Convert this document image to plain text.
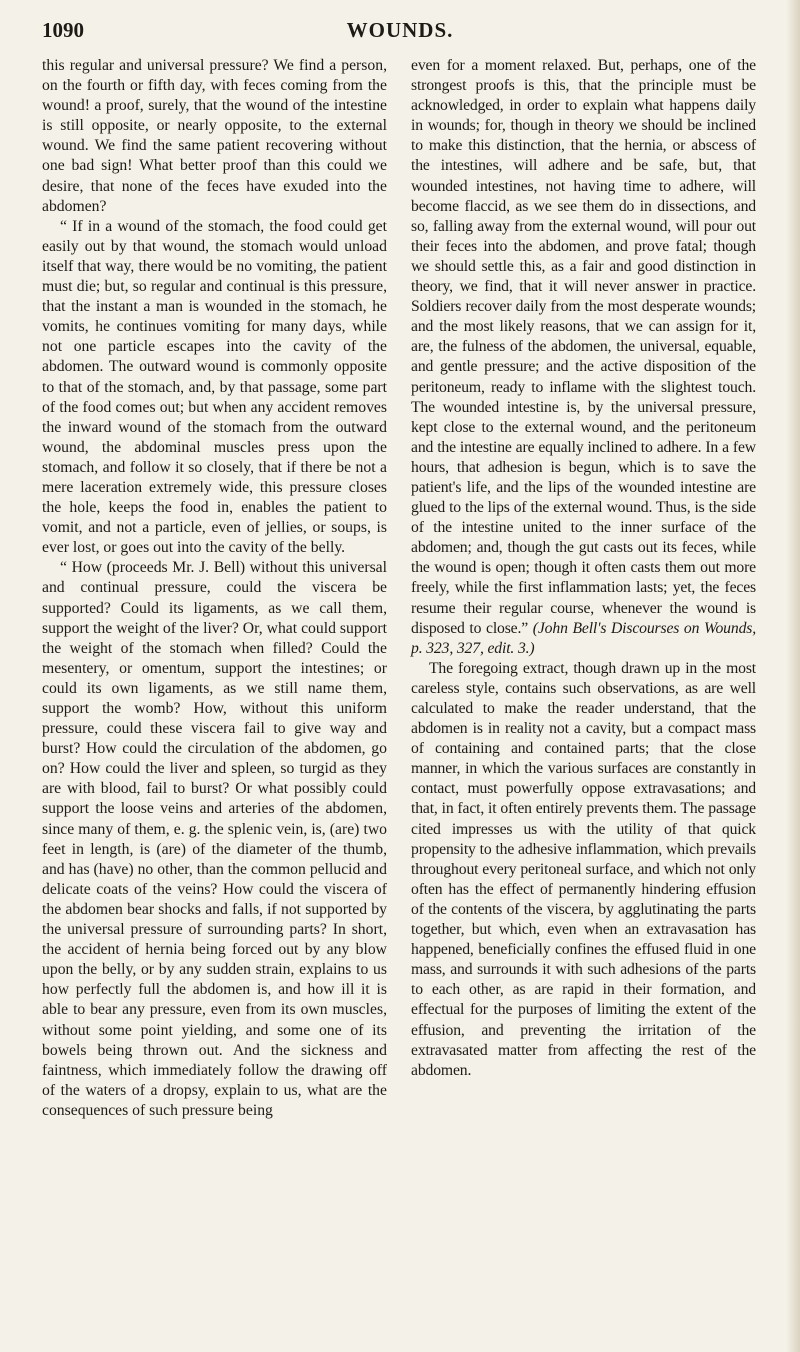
1090	WOUNDS.

this regular and universal pressure? We find a person, on the fourth or fifth day, with feces coming from the wound! a proof, surely, that the wound of the intestine is still opposite, or nearly opposite, to the external wound. We find the same patient recovering without one bad sign! What better proof than this could we desire, that none of the feces have exuded into the abdomen?

“ If in a wound of the stomach, the food could get easily out by that wound, the stomach would unload itself that way, there would be no vomiting, the patient must die; but, so regular and continual is this pressure, that the instant a man is wounded in the stomach, he vomits, he continues vomiting for many days, while not one particle escapes into the cavity of the abdomen. The outward wound is commonly opposite to that of the stomach, and, by that passage, some part of the food comes out; but when any accident removes the inward wound of the stomach from the outward wound, the abdominal muscles press upon the stomach, and follow it so closely, that if there be not a mere laceration extremely wide, this pressure closes the hole, keeps the food in, enables the patient to vomit, and not a particle, even of jellies, or soups, is ever lost, or goes out into the cavity of the belly.

“ How (proceeds Mr. J. Bell) without this universal and continual pressure, could the viscera be supported? Could its ligaments, as we call them, support the weight of the liver? Or, what could support the weight of the stomach when filled? Could the mesentery, or omentum, support the intestines; or could its own ligaments, as we still name them, support the womb? How, without this uniform pressure, could these viscera fail to give way and burst? How could the circulation of the abdomen, go on? How could the liver and spleen, so turgid as they are with blood, fail to burst? Or what possibly could support the loose veins and arteries of the abdomen, since many of them, e. g. the splenic vein, is, (are) two feet in length, is (are) of the diameter of the thumb, and has (have) no other, than the common pellucid and delicate coats of the veins? How could the viscera of the abdomen bear shocks and falls, if not supported by the universal pressure of surrounding parts? In short, the accident of hernia being forced out by any blow upon the belly, or by any sudden strain, explains to us how perfectly full the abdomen is, and how ill it is able to bear any pressure, even from its own muscles, without some point yielding, and some one of its bowels being thrown out. And the sickness and faintness, which immediately follow the drawing off of the waters of a dropsy, explain to us, what are the consequences of such pressure being

even for a moment relaxed. But, perhaps, one of the strongest proofs is this, that the principle must be acknowledged, in order to explain what happens daily in wounds; for, though in theory we should be inclined to make this distinction, that the hernia, or abscess of the intestines, will adhere and be safe, but, that wounded intestines, not having time to adhere, will become flaccid, as we see them do in dissections, and so, falling away from the external wound, will pour out their feces into the abdomen, and prove fatal; though we should settle this, as a fair and good distinction in theory, we find, that it will never answer in practice. Soldiers recover daily from the most desperate wounds; and the most likely reasons, that we can assign for it, are, the fulness of the abdomen, the universal, equable, and gentle pressure; and the active disposition of the peritoneum, ready to inflame with the slightest touch. The wounded intestine is, by the universal pressure, kept close to the external wound, and the peritoneum and the intestine are equally inclined to adhere. In a few hours, that adhesion is begun, which is to save the patient's life, and the lips of the wounded intestine are glued to the lips of the external wound. Thus, is the side of the intestine united to the inner surface of the abdomen; and, though the gut casts out its feces, while the wound is open; though it often casts them out more freely, while the first inflammation lasts; yet, the feces resume their regular course, whenever the wound is disposed to close.” (John Bell's Discourses on Wounds, p. 323, 327, edit. 3.)

The foregoing extract, though drawn up in the most careless style, contains such observations, as are well calculated to make the reader understand, that the abdomen is in reality not a cavity, but a compact mass of containing and contained parts; that the close manner, in which the various surfaces are constantly in contact, must powerfully oppose extravasations; and that, in fact, it often entirely prevents them. The passage cited impresses us with the utility of that quick propensity to the adhesive inflammation, which prevails throughout every peritoneal surface, and which not only often has the effect of permanently hindering effusion of the contents of the viscera, by agglutinating the parts together, but which, even when an extravasation has happened, beneficially confines the effused fluid in one mass, and surrounds it with such adhesions of the parts to each other, as are rapid in their formation, and effectual for the purposes of limiting the extent of the effusion, and preventing the irritation of the extravasated matter from affecting the rest of the abdomen.
